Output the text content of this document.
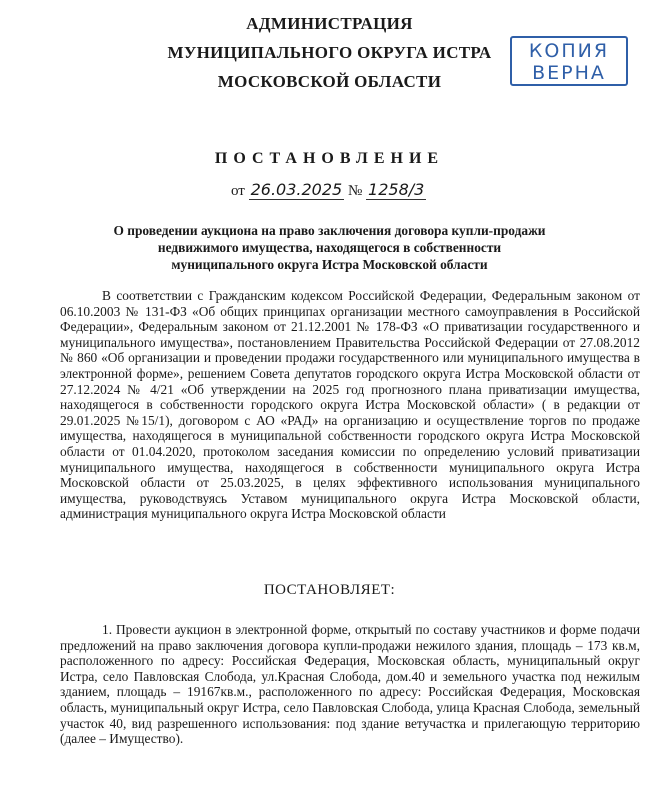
АДМИНИСТРАЦИЯ
МУНИЦИПАЛЬНОГО ОКРУГА ИСТРА
МОСКОВСКОЙ ОБЛАСТИ
КОПИЯ
ВЕРНА
ПОСТАНОВЛЕНИЕ
от 26.03.2025 № 1258/3
О проведении аукциона на право заключения договора купли-продажи
недвижимого имущества, находящегося в собственности
муниципального округа Истра Московской области
В соответствии с Гражданским кодексом Российской Федерации, Федеральным законом от 06.10.2003 № 131-ФЗ «Об общих принципах организации местного самоуправления в Российской Федерации», Федеральным законом от 21.12.2001 № 178-ФЗ «О приватизации государственного и муниципального имущества», постановлением Правительства Российской Федерации от 27.08.2012 № 860 «Об организации и проведении продажи государственного или муниципального имущества в электронной форме», решением Совета депутатов городского округа Истра Московской области от 27.12.2024 № 4/21 «Об утверждении на 2025 год прогнозного плана приватизации имущества, находящегося в собственности городского округа Истра Московской области» ( в редакции от 29.01.2025 №15/1), договором с АО «РАД» на организацию и осуществление торгов по продаже имущества, находящегося в муниципальной собственности городского округа Истра Московской области от 01.04.2020, протоколом заседания комиссии по определению условий приватизации муниципального имущества, находящегося в собственности муниципального округа Истра Московской области от 25.03.2025, в целях эффективного использования муниципального имущества, руководствуясь Уставом муниципального округа Истра Московской области, администрация муниципального округа Истра Московской области
ПОСТАНОВЛЯЕТ:
1. Провести аукцион в электронной форме, открытый по составу участников и форме подачи предложений на право заключения договора купли-продажи нежилого здания, площадь – 173 кв.м, расположенного по адресу: Российская Федерация, Московская область, муниципальный округ Истра, село Павловская Слобода, ул.Красная Слобода, дом.40 и земельного участка под нежилым зданием, площадь – 19167кв.м., расположенного по адресу: Российская Федерация, Московская область, муниципальный округ Истра, село Павловская Слобода, улица Красная Слобода, земельный участок 40, вид разрешенного использования: под здание ветучастка и прилегающую территорию (далее – Имущество).
